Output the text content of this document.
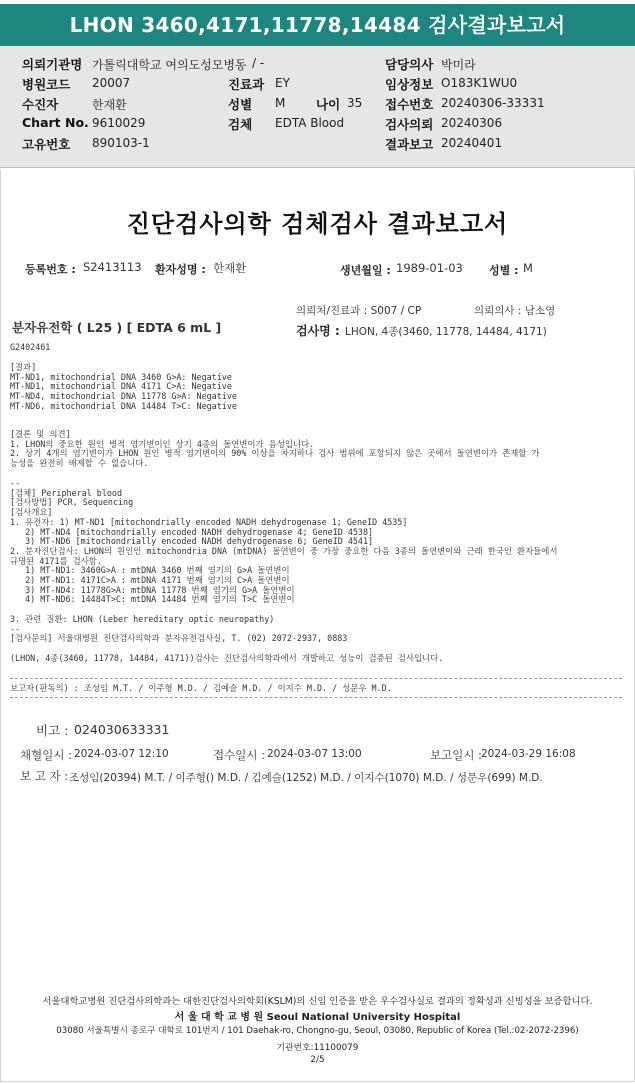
LHON 3460,4171,11778,14484 검사결과보고서
의뢰기관명 가톨릭대학교 여의도성모병동 / -	담당의사 박미라
병원코드 20007	진료과 EY	임상정보 O183K1WU0
수진자	한재환	성별 M 나이 35 접수번호 20240306-33331
Chart No. 9610029	검체 EDTA Blood	검사의뢰 20240306
고유번호 890103-1	결과보고 20240401
진단검사의학 검체검사 결과보고서
등록번호 : S2413113 환자성명 : 한재환	생년월일 : 1989-01-03 성별 : M
의뢰처/진료과 : S007 / CP	의뢰의사 : 남소영
분자유전학 ( L25 ) [ EDTA 6 mL ]	검사명 : LHON, 4종(3460, 11778, 14484, 4171)
G2402461
[결과]
MT-ND1, mitochondrial DNA 3460 G>A: Negative
MT-ND1, mitochondrial DNA 4171 C>A: Negative
MT-ND4, mitochondrial DNA 11778 G>A: Negative
MT-ND6, mitochondrial DNA 14484 T>C: Negative
[결론 및 의견]
1. LHON의 중요한 원인 병적 염기변이인 상기 4종의 돌연변이가 음성입니다.
2. 상기 4개의 염기변이가 LHON 원인 병적 염기변이의 90% 이상을 차지하나 검사 범위에 포함되지 않은 곳에서 돌연변이가 존재할 가
능성을 완전히 배제할 수 없습니다.
--
[검체] Peripheral blood
[검사방법] PCR, Sequencing
[검사개요]
1. 유전자: 1) MT-ND1 [mitochondrially encoded NADH dehydrogenase 1; GeneID 4535]
2) MT-ND4 [mitochondrially encoded NADH dehydrogenase 4; GeneID 4538]
3) MT-ND6 [mitochondrially encoded NADH dehydrogenase 6; GeneID 4541]
2. 분자진단검사: LHON의 원인인 mitochondria DNA (mtDNA) 돌연변이 중 가장 중요한 다음 3종의 돌연변이와 근래 한국인 환자들에서
규명된 4171를 검사함.
1) MT-ND1: 3460G>A : mtDNA 3460 번째 염기의 G>A 돌연변이
2) MT-ND1: 4171C>A : mtDNA 4171 번째 염기의 C>A 돌연변이
3) MT-ND4: 11778G>A: mtDNA 11778 번째 염기의 G>A 돌연변이
4) MT-ND6: 14484T>C: mtDNA 14484 번째 염기의 T>C 돌연변이

3. 관련 질환: LHON (Leber hereditary optic neuropathy)
--
[검사문의] 서울대병원 진단검사의학과 분자유전검사실, T. (02) 2072-2937, 0883

(LHON, 4종(3460, 11778, 14484, 4171))검사는 진단검사의학과에서 개발하고 성능이 검증된 검사입니다.
보고자(판독의) : 조성임 M.T. / 이주형 M.D. / 김예슬 M.D. / 이지수 M.D. / 성문우 M.D.
비고 : 024030633331
채혈일시 : 2024-03-07 12:10	접수일시 : 2024-03-07 13:00	보고일시 : 2024-03-29 16:08
보 고 자 : 조성임(20394) M.T. / 이주형() M.D. / 김예슬(1252) M.D. / 이지수(1070) M.D. / 성문우(699) M.D.
서울대학교병원 진단검사의학과는 대한진단검사의학회(KSLM)의 신임 인증을 받은 우수검사실로 결과의 정확성과 신빙성을 보증합니다.
서 울 대 학 교 병 원 Seoul National University Hospital
03080 서울특별시 종로구 대학로 101번지 / 101 Daehak-ro, Chongno-gu, Seoul, 03080, Republic of Korea (Tel.:02-2072-2396)
기관번호:11100079
2/5
